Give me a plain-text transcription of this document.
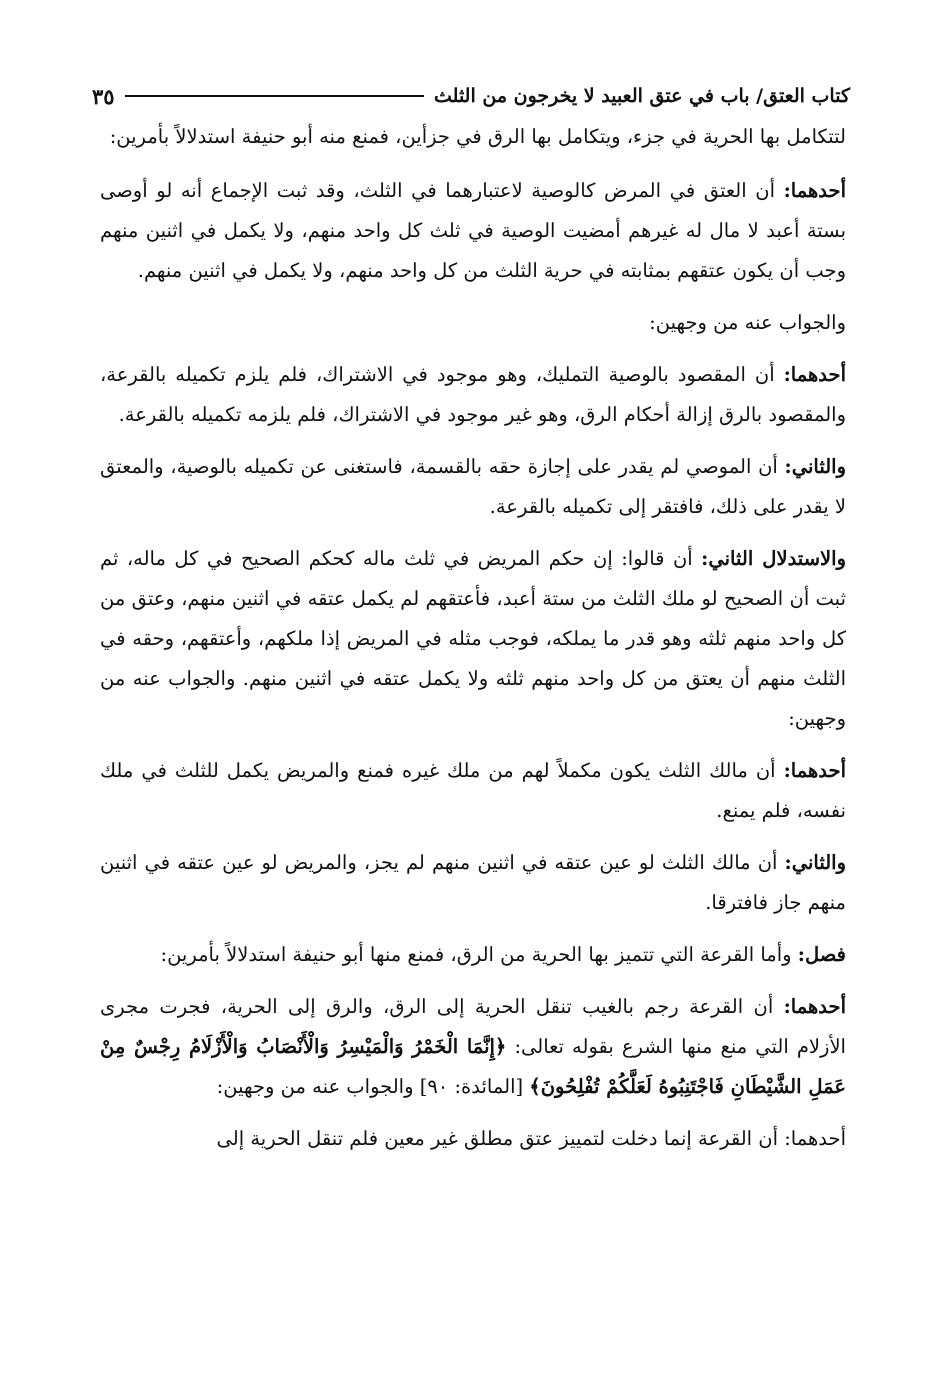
كتاب العتق/ باب في عتق العبيد لا يخرجون من الثلث
٣٥

لتتكامل بها الحرية في جزء، ويتكامل بها الرق في جزأين، فمنع منه أبو حنيفة استدلالاً بأمرين:

أحدهما: أن العتق في المرض كالوصية لاعتبارهما في الثلث، وقد ثبت الإجماع أنه لو أوصى بستة أعبد لا مال له غيرهم أمضيت الوصية في ثلث كل واحد منهم، ولا يكمل في اثنين منهم وجب أن يكون عتقهم بمثابته في حرية الثلث من كل واحد منهم، ولا يكمل في اثنين منهم.

والجواب عنه من وجهين:

أحدهما: أن المقصود بالوصية التمليك، وهو موجود في الاشتراك، فلم يلزم تكميله بالقرعة، والمقصود بالرق إزالة أحكام الرق، وهو غير موجود في الاشتراك، فلم يلزمه تكميله بالقرعة.

والثاني: أن الموصي لم يقدر على إجازة حقه بالقسمة، فاستغنى عن تكميله بالوصية، والمعتق لا يقدر على ذلك، فافتقر إلى تكميله بالقرعة.

والاستدلال الثاني: أن قالوا: إن حكم المريض في ثلث ماله كحكم الصحيح في كل ماله، ثم ثبت أن الصحيح لو ملك الثلث من ستة أعبد، فأعتقهم لم يكمل عتقه في اثنين منهم، وعتق من كل واحد منهم ثلثه وهو قدر ما يملكه، فوجب مثله في المريض إذا ملكهم، وأعتقهم، وحقه في الثلث منهم أن يعتق من كل واحد منهم ثلثه ولا يكمل عتقه في اثنين منهم. والجواب عنه من وجهين:

أحدهما: أن مالك الثلث يكون مكملاً لهم من ملك غيره فمنع والمريض يكمل للثلث في ملك نفسه، فلم يمنع.

والثاني: أن مالك الثلث لو عين عتقه في اثنين منهم لم يجز، والمريض لو عين عتقه في اثنين منهم جاز فافترقا.

فصل: وأما القرعة التي تتميز بها الحرية من الرق، فمنع منها أبو حنيفة استدلالاً بأمرين:

أحدهما: أن القرعة رجم بالغيب تنقل الحرية إلى الرق، والرق إلى الحرية، فجرت مجرى الأزلام التي منع منها الشرع بقوله تعالى: ﴿إِنَّمَا الْخَمْرُ وَالْمَيْسِرُ وَالْأَنْصَابُ وَالْأَزْلَامُ رِجْسٌ مِنْ عَمَلِ الشَّيْطَانِ فَاجْتَنِبُوهُ لَعَلَّكُمْ تُفْلِحُونَ﴾ [المائدة: ٩٠] والجواب عنه من وجهين:

أحدهما: أن القرعة إنما دخلت لتمييز عتق مطلق غير معين فلم تنقل الحرية إلى
